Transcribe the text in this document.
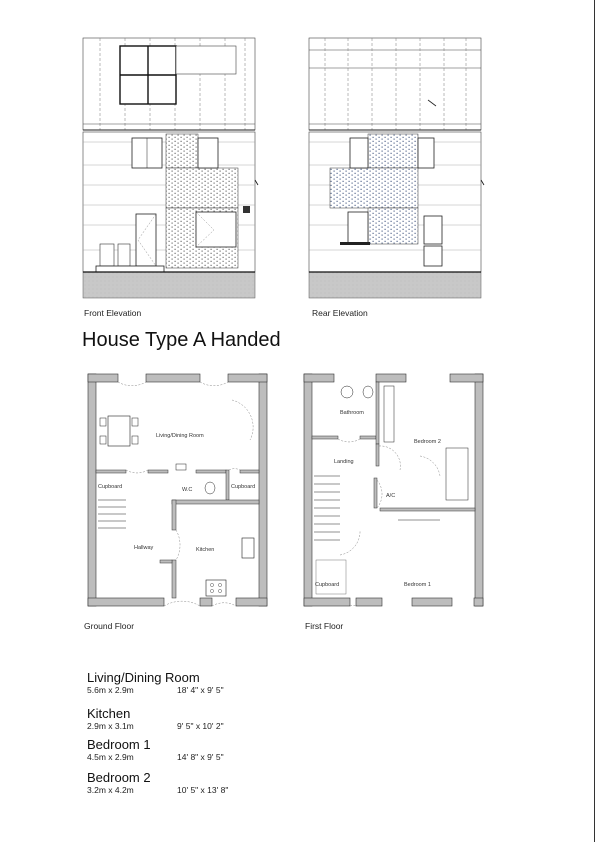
Living/Dining Room
Cupboard	W.C	Cupboard
Hallway	Kitchen
Bathroom
Bedroom 2
Landing
A/C
Cupboard	Bedroom 1
Front Elevation	Rear Elevation
House Type A Handed
Ground Floor	First Floor
Living/Dining Room
5.6m x 2.9m	18' 4" x 9' 5"
Kitchen
2.9m x 3.1m	9' 5" x 10' 2"
Bedroom 1
4.5m x 2.9m	14' 8" x 9' 5"
Bedroom 2
3.2m x 4.2m	10' 5" x 13' 8"
